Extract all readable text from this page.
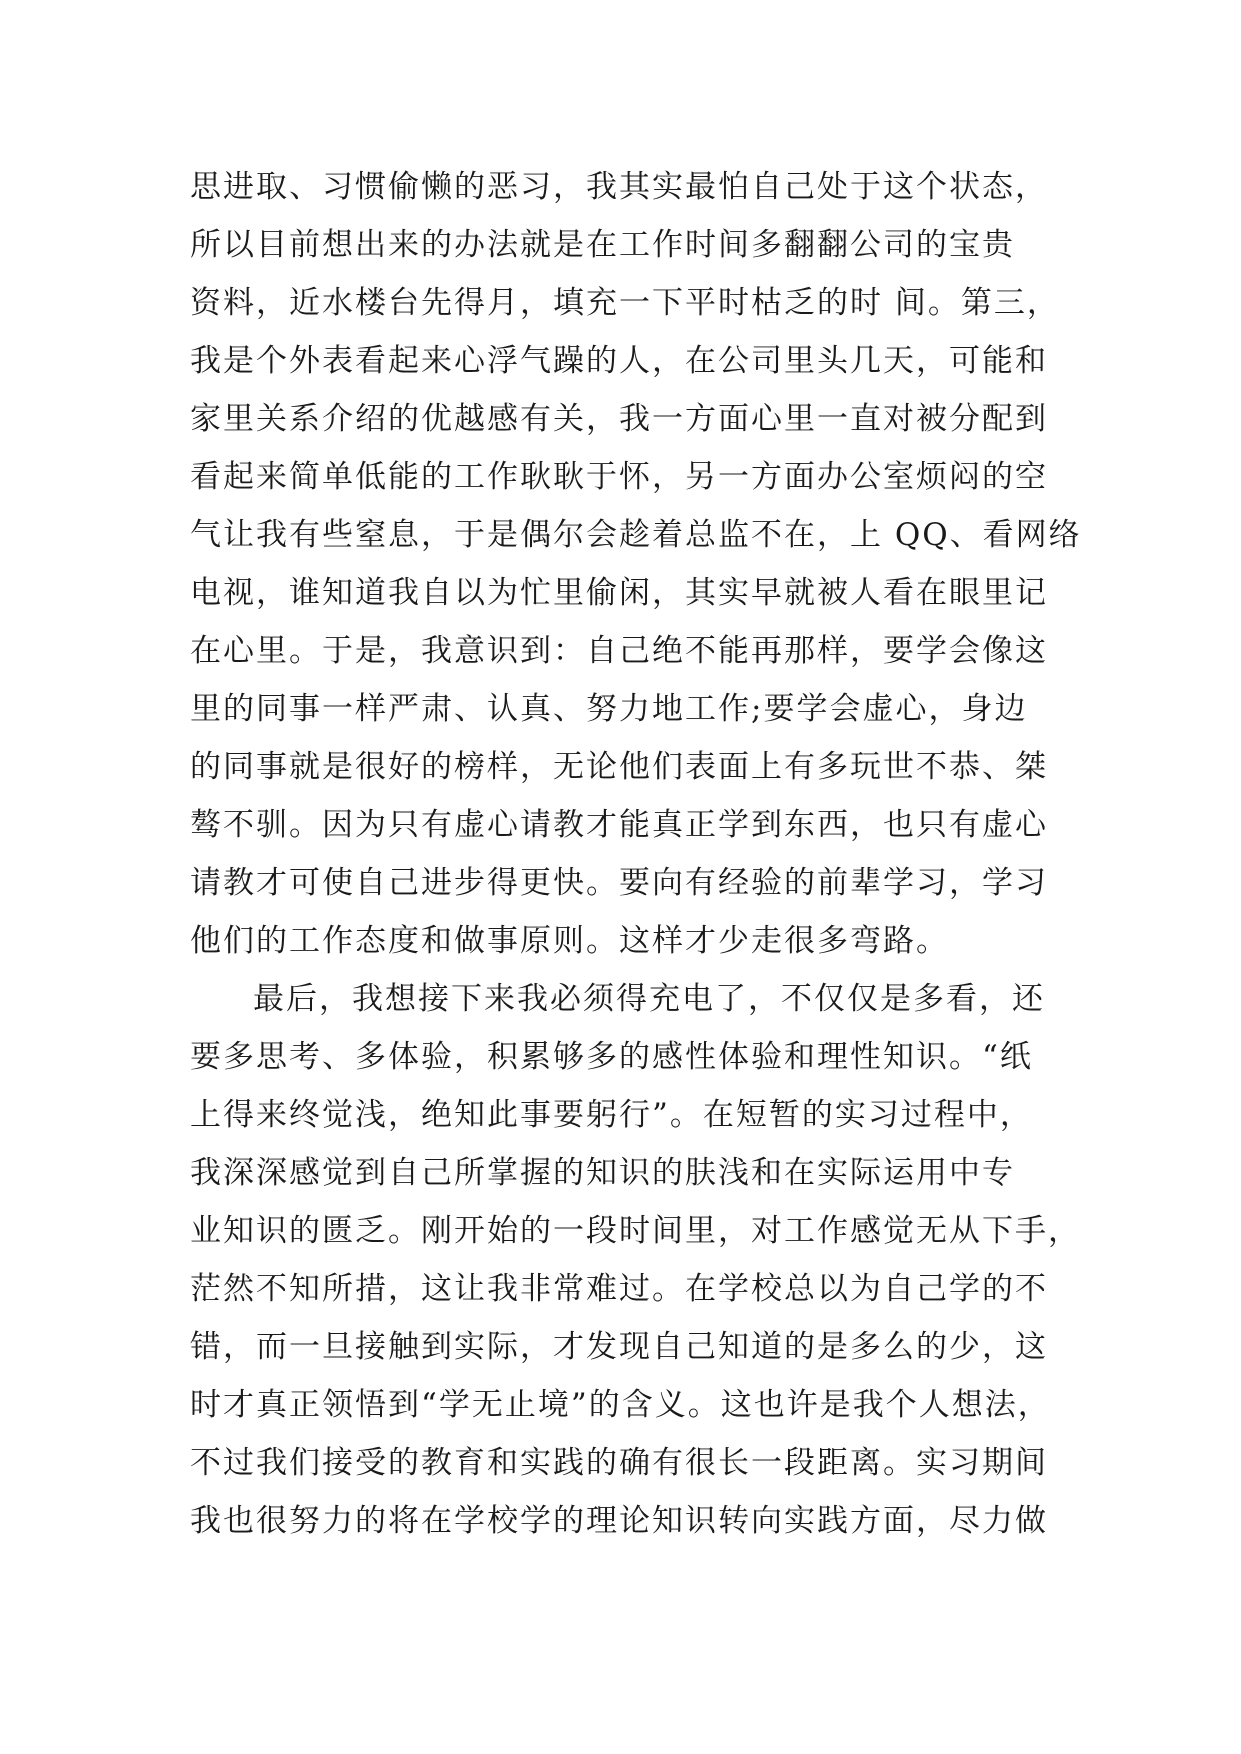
思进取、习惯偷懒的恶习，我其实最怕自己处于这个状态，
所以目前想出来的办法就是在工作时间多翻翻公司的宝贵
资料，近水楼台先得月，填充一下平时枯乏的时 间。第三，
我是个外表看起来心浮气躁的人，在公司里头几天，可能和
家里关系介绍的优越感有关，我一方面心里一直对被分配到
看起来简单低能的工作耿耿于怀，另一方面办公室烦闷的空
气让我有些窒息，于是偶尔会趁着总监不在，上 QQ、看网络
电视，谁知道我自以为忙里偷闲，其实早就被人看在眼里记
在心里。于是，我意识到：自己绝不能再那样，要学会像这
里的同事一样严肃、认真、努力地工作;要学会虚心，身边
的同事就是很好的榜样，无论他们表面上有多玩世不恭、桀
骜不驯。因为只有虚心请教才能真正学到东西，也只有虚心
请教才可使自己进步得更快。要向有经验的前辈学习，学习
他们的工作态度和做事原则。这样才少走很多弯路。
最后，我想接下来我必须得充电了，不仅仅是多看，还
要多思考、多体验，积累够多的感性体验和理性知识。“纸
上得来终觉浅，绝知此事要躬行”。在短暂的实习过程中，
我深深感觉到自己所掌握的知识的肤浅和在实际运用中专
业知识的匮乏。刚开始的一段时间里，对工作感觉无从下手，
茫然不知所措，这让我非常难过。在学校总以为自己学的不
错，而一旦接触到实际，才发现自己知道的是多么的少，这
时才真正领悟到“学无止境”的含义。这也许是我个人想法，
不过我们接受的教育和实践的确有很长一段距离。实习期间
我也很努力的将在学校学的理论知识转向实践方面，尽力做
